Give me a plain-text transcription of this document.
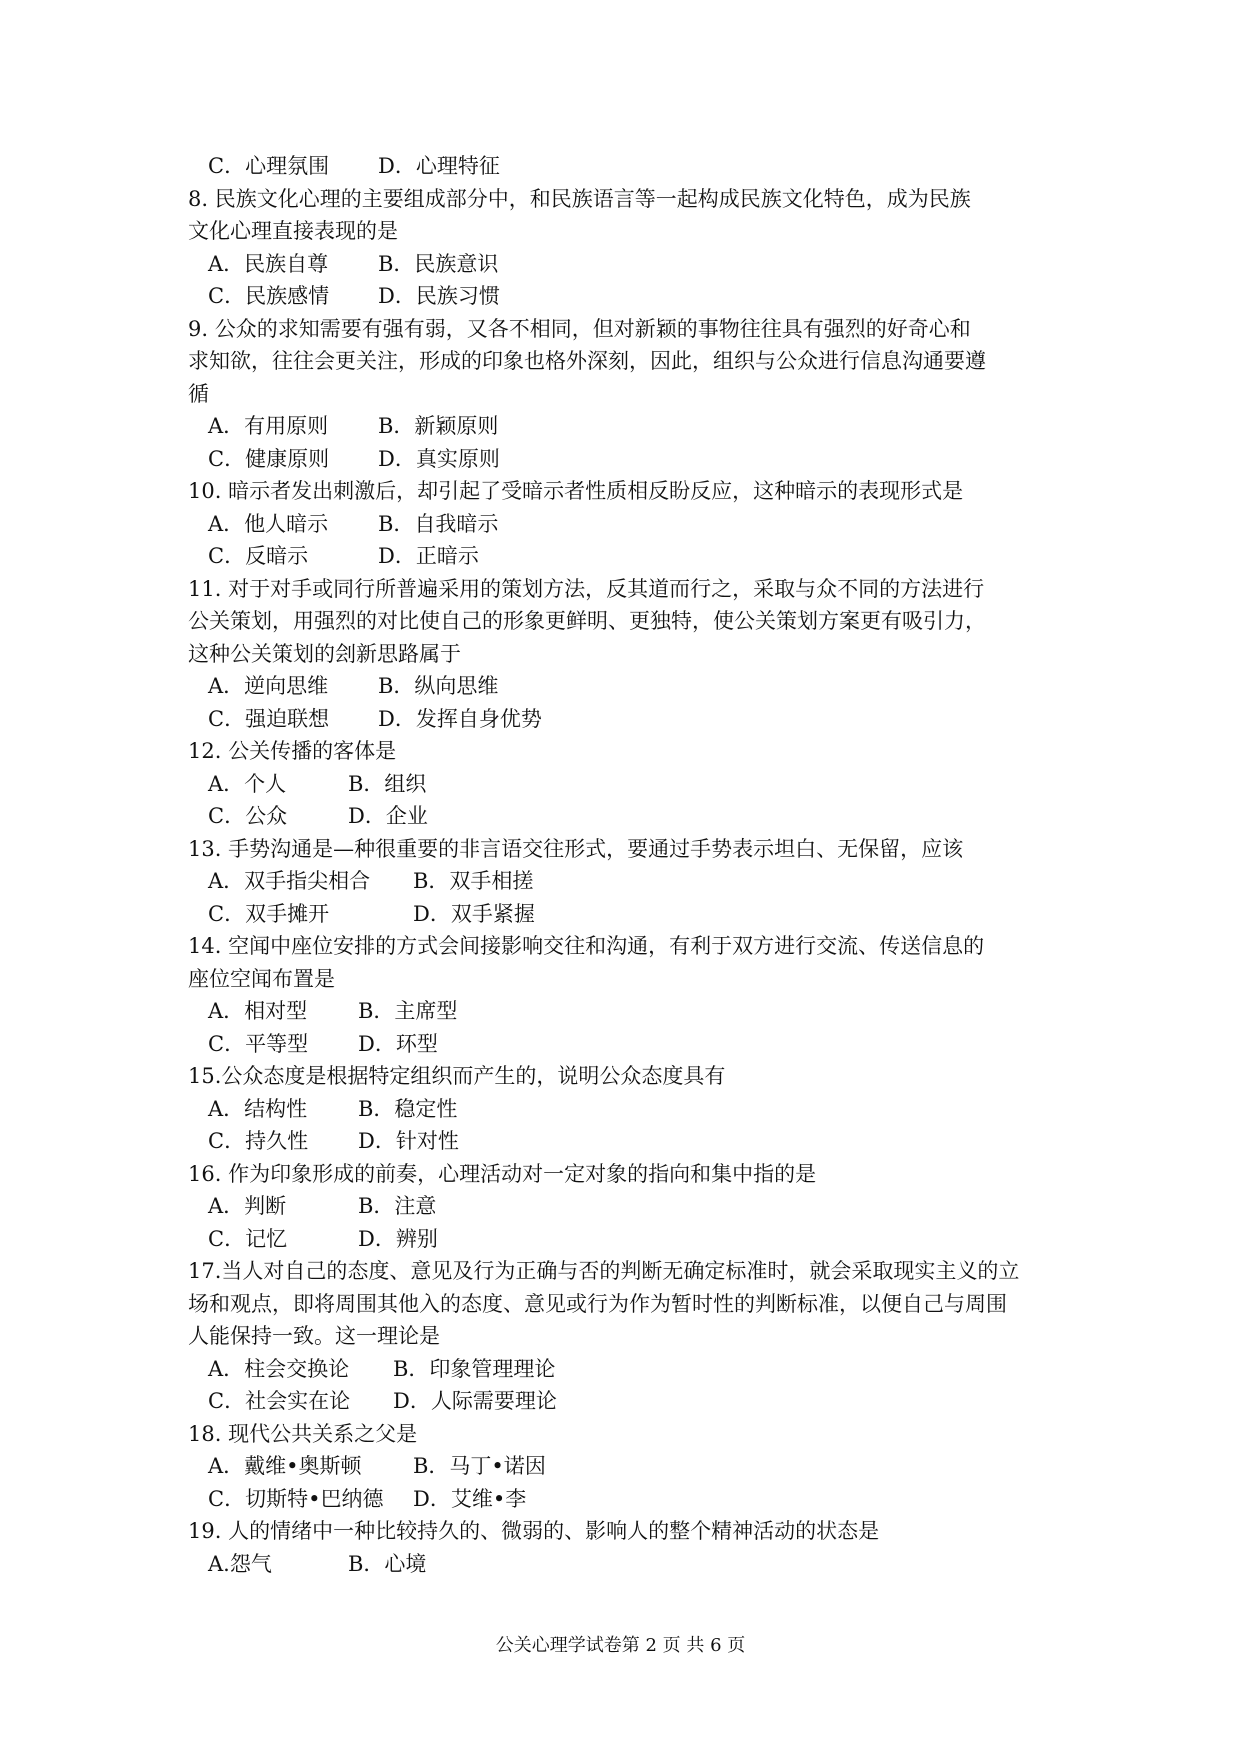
C．心理氛围 D．心理特征
8. 民族文化心理的主要组成部分中，和民族语言等一起构成民族文化特色，成为民族
文化心理直接表现的是
A．民族自尊 B．民族意识
C．民族感情 D．民族习惯
9. 公众的求知需要有强有弱，又各不相同，但对新颖的事物往往具有强烈的好奇心和
求知欲，往往会更关注，形成的印象也格外深刻，因此，组织与公众进行信息沟通要遵
循
A．有用原则 B．新颖原则
C．健康原则 D．真实原则
10. 暗示者发出刺激后，却引起了受暗示者性质相反盼反应，这种暗示的表现形式是
A．他人暗示 B．自我暗示
C．反暗示	D．正暗示
11. 对于对手或同行所普遍采用的策划方法，反其道而行之，采取与众不同的方法进行
公关策划，用强烈的对比使自己的形象更鲜明、更独特，使公关策划方案更有吸引力，
这种公关策划的刽新思路属于
A．逆向思维 B．纵向思维
C．强迫联想 D．发挥自身优势
12. 公关传播的客体是
A．个人	B．组织
C．公众	D．企业
13. 手势沟通是—种很重要的非言语交往形式，要通过手势表示坦白、无保留，应该
A．双手指尖相合 B．双手相搓
C．双手摊开	D．双手紧握
14. 空闻中座位安排的方式会间接影响交往和沟通，有利于双方进行交流、传送信息的
座位空闻布置是
A．相对型 B．主席型
C．平等型 D．环型
15.公众态度是根据特定组织而产生的，说明公众态度具有
A．结构性 B．稳定性
C．持久性 D．针对性
16. 作为印象形成的前奏，心理活动对一定对象的指向和集中指的是
A．判断	B．注意
C．记忆	D．辨别
17.当人对自己的态度、意见及行为正确与否的判断无确定标准时，就会采取现实主义的立
场和观点，即将周围其他入的态度、意见或行为作为暂时性的判断标准，以便自己与周围
人能保持一致。这一理论是
A．柱会交换论 B．印象管理理论
C．社会实在论 D．人际需要理论
18. 现代公共关系之父是
A．戴维•奥斯顿 B．马丁•诺因
C．切斯特•巴纳德 D．艾维•李
19. 人的情绪中一种比较持久的、微弱的、影响人的整个精神活动的状态是
A.怨气	B．心境
公关心理学试卷第 2 页 共 6 页
